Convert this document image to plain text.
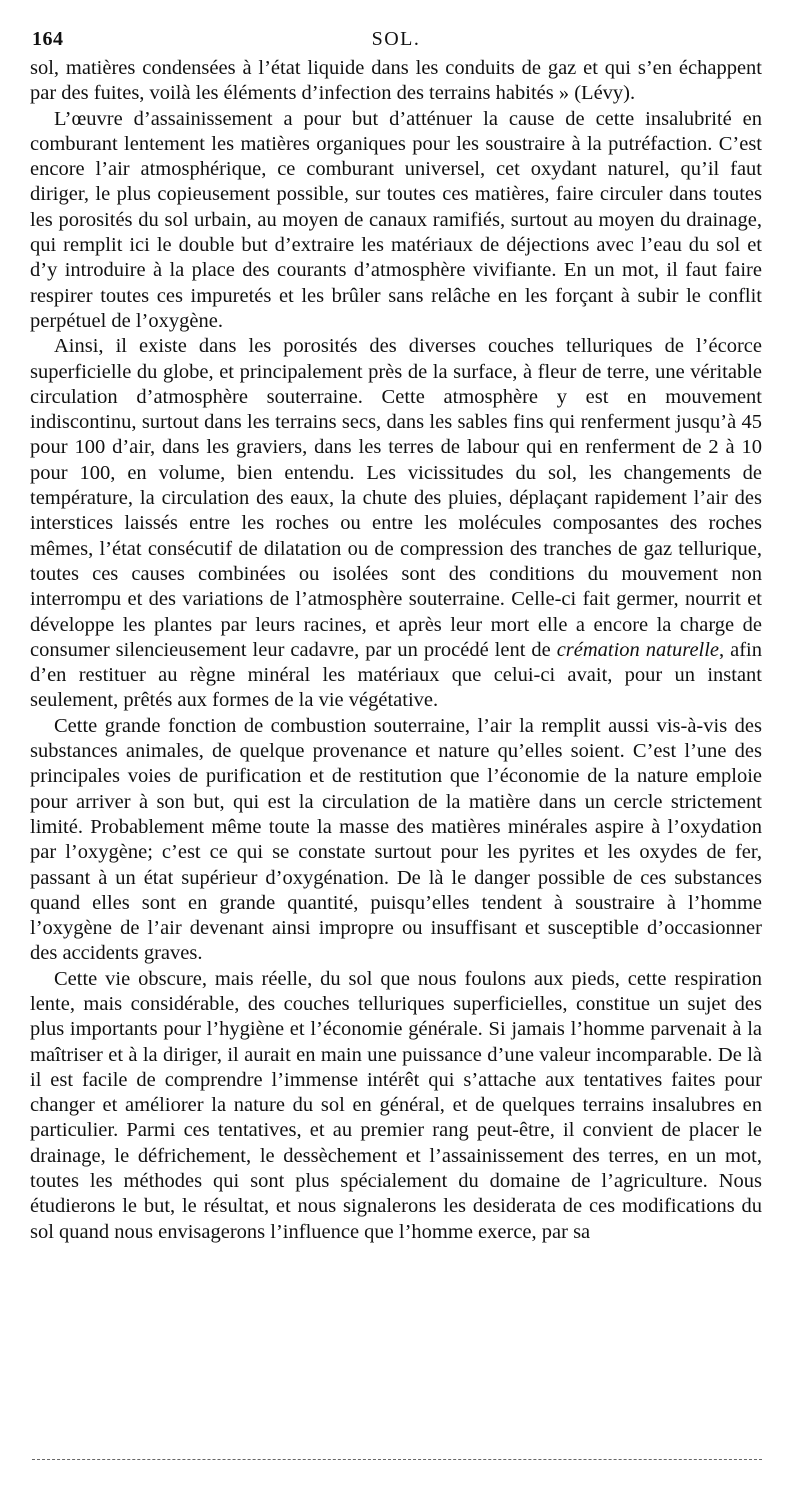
164	SOL.

sol, matières condensées à l’état liquide dans les conduits de gaz et qui s’en échappent par des fuites, voilà les éléments d’infection des terrains habités » (Lévy).

L’œuvre d’assainissement a pour but d’atténuer la cause de cette insalubrité en comburant lentement les matières organiques pour les soustraire à la putréfaction. C’est encore l’air atmosphérique, ce comburant universel, cet oxydant naturel, qu’il faut diriger, le plus copieusement possible, sur toutes ces matières, faire circuler dans toutes les porosités du sol urbain, au moyen de canaux ramifiés, surtout au moyen du drainage, qui remplit ici le double but d’extraire les matériaux de déjections avec l’eau du sol et d’y introduire à la place des courants d’atmosphère vivifiante. En un mot, il faut faire respirer toutes ces impuretés et les brûler sans relâche en les forçant à subir le conflit perpétuel de l’oxygène.

Ainsi, il existe dans les porosités des diverses couches telluriques de l’écorce superficielle du globe, et principalement près de la surface, à fleur de terre, une véritable circulation d’atmosphère souterraine. Cette atmosphère y est en mouvement indiscontinu, surtout dans les terrains secs, dans les sables fins qui renferment jusqu’à 45 pour 100 d’air, dans les graviers, dans les terres de labour qui en renferment de 2 à 10 pour 100, en volume, bien entendu. Les vicissitudes du sol, les changements de température, la circulation des eaux, la chute des pluies, déplaçant rapidement l’air des interstices laissés entre les roches ou entre les molécules composantes des roches mêmes, l’état consécutif de dilatation ou de compression des tranches de gaz tellurique, toutes ces causes combinées ou isolées sont des conditions du mouvement non interrompu et des variations de l’atmosphère souterraine. Celle-ci fait germer, nourrit et développe les plantes par leurs racines, et après leur mort elle a encore la charge de consumer silencieusement leur cadavre, par un procédé lent de crémation naturelle, afin d’en restituer au règne minéral les matériaux que celui-ci avait, pour un instant seulement, prêtés aux formes de la vie végétative.

Cette grande fonction de combustion souterraine, l’air la remplit aussi vis-à-vis des substances animales, de quelque provenance et nature qu’elles soient. C’est l’une des principales voies de purification et de restitution que l’économie de la nature emploie pour arriver à son but, qui est la circulation de la matière dans un cercle strictement limité. Probablement même toute la masse des matières minérales aspire à l’oxydation par l’oxygène; c’est ce qui se constate surtout pour les pyrites et les oxydes de fer, passant à un état supérieur d’oxygénation. De là le danger possible de ces substances quand elles sont en grande quantité, puisqu’elles tendent à soustraire à l’homme l’oxygène de l’air devenant ainsi impropre ou insuffisant et susceptible d’occasionner des accidents graves.

Cette vie obscure, mais réelle, du sol que nous foulons aux pieds, cette respiration lente, mais considérable, des couches telluriques superficielles, constitue un sujet des plus importants pour l’hygiène et l’économie générale. Si jamais l’homme parvenait à la maîtriser et à la diriger, il aurait en main une puissance d’une valeur incomparable. De là il est facile de comprendre l’immense intérêt qui s’attache aux tentatives faites pour changer et améliorer la nature du sol en général, et de quelques terrains insalubres en particulier. Parmi ces tentatives, et au premier rang peut-être, il convient de placer le drainage, le défrichement, le dessèchement et l’assainissement des terres, en un mot, toutes les méthodes qui sont plus spécialement du domaine de l’agriculture. Nous étudierons le but, le résultat, et nous signalerons les desiderata de ces modifications du sol quand nous envisagerons l’influence que l’homme exerce, par sa
